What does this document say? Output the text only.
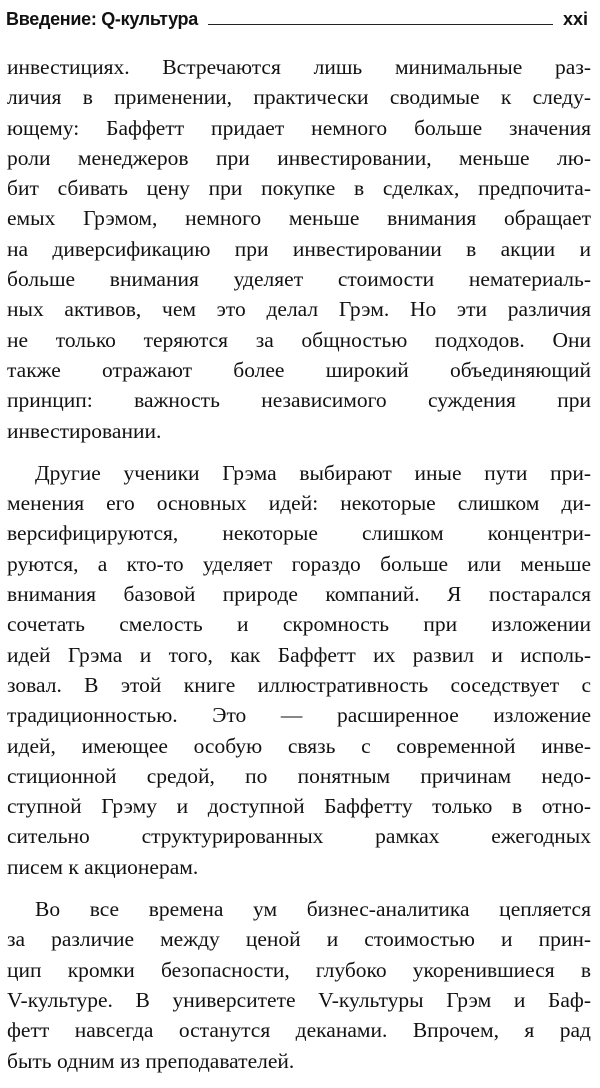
Введение: Q-культура	xxi

инвестициях. Встречаются лишь минимальные раз-
личия в применении, практически сводимые к следу-
ющему: Баффетт придает немного больше значения
роли менеджеров при инвестировании, меньше лю-
бит сбивать цену при покупке в сделках, предпочита-
емых Грэмом, немного меньше внимания обращает
на диверсификацию при инвестировании в акции и
больше внимания уделяет стоимости нематериаль-
ных активов, чем это делал Грэм. Но эти различия
не только теряются за общностью подходов. Они
также отражают более широкий объединяющий
принцип: важность независимого суждения при
инвестировании.

Другие ученики Грэма выбирают иные пути при-
менения его основных идей: некоторые слишком ди-
версифицируются, некоторые слишком концентри-
руются, а кто-то уделяет гораздо больше или меньше
внимания базовой природе компаний. Я постарался
сочетать смелость и скромность при изложении
идей Грэма и того, как Баффетт их развил и исполь-
зовал. В этой книге иллюстративность соседствует с
традиционностью. Это — расширенное изложение
идей, имеющее особую связь с современной инве-
стиционной средой, по понятным причинам недо-
ступной Грэму и доступной Баффетту только в отно-
сительно структурированных рамках ежегодных
писем к акционерам.

Во все времена ум бизнес-аналитика цепляется
за различие между ценой и стоимостью и прин-
цип кромки безопасности, глубоко укоренившиеся в
V-культуре. В университете V-культуры Грэм и Баф-
фетт навсегда останутся деканами. Впрочем, я рад
быть одним из преподавателей.
